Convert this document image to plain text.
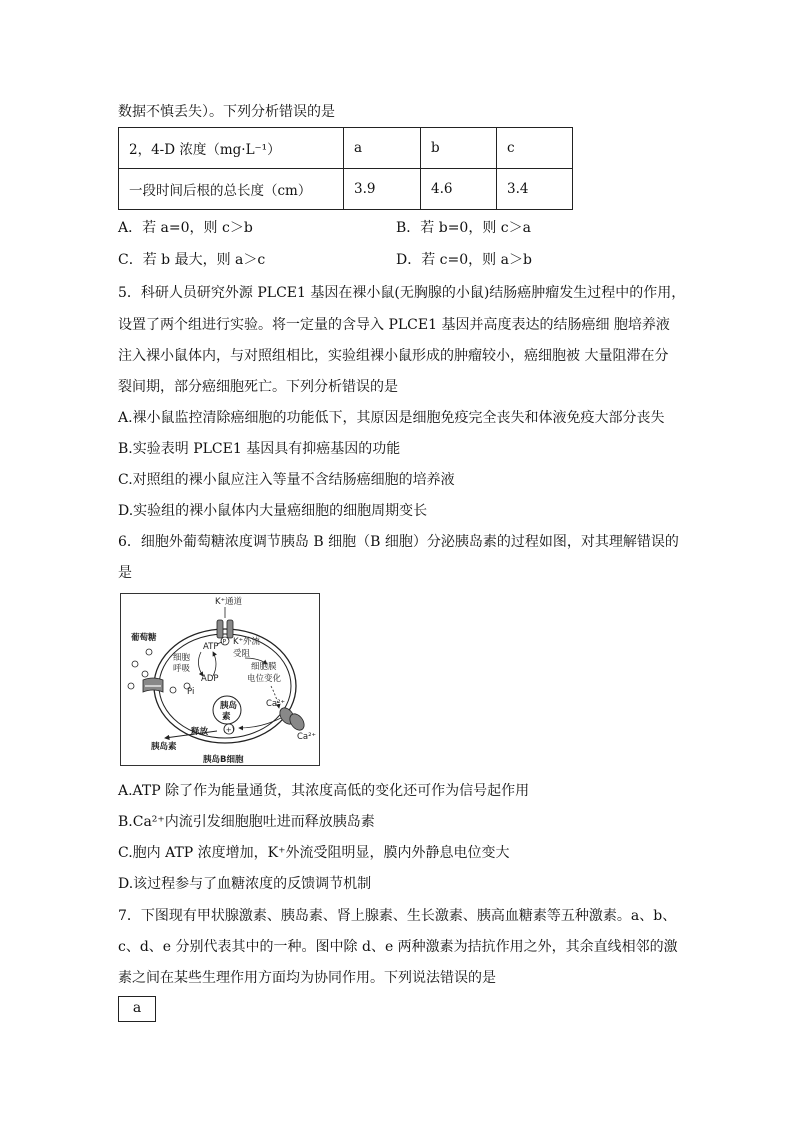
数据不慎丢失）。下列分析错误的是
2，4-D 浓度（mg·L⁻¹）	a	b	c
一段时间后根的总长度（cm）	3.9	4.6	3.4
A．若 a=0，则 c＞b	B．若 b=0，则 c＞a
C．若 b 最大，则 a＞c	D．若 c=0，则 a＞b
5．科研人员研究外源 PLCE1 基因在裸小鼠(无胸腺的小鼠)结肠癌肿瘤发生过程中的作用，
设置了两个组进行实验。将一定量的含导入 PLCE1 基因并高度表达的结肠癌细 胞培养液
注入裸小鼠体内，与对照组相比，实验组裸小鼠形成的肿瘤较小，癌细胞被 大量阻滞在分
裂间期，部分癌细胞死亡。下列分析错误的是
A.裸小鼠监控清除癌细胞的功能低下，其原因是细胞免疫完全丧失和体液免疫大部分丧失
B.实验表明 PLCE1 基因具有抑癌基因的功能
C.对照组的裸小鼠应注入等量不含结肠癌细胞的培养液
D.实验组的裸小鼠体内大量癌细胞的细胞周期变长
6．细胞外葡萄糖浓度调节胰岛 B 细胞（B 细胞）分泌胰岛素的过程如图，对其理解错误的
是
P
K⁺通道
葡萄糖
ATP K⁺外流
受阻
细胞
呼吸
ADP
Pi
细胞膜
电位变化
胰岛
素
Ca²⁺
Ca²⁺
(+)
释放
胰岛素
胰岛B细胞
A.ATP 除了作为能量通货，其浓度高低的变化还可作为信号起作用
B.Ca²⁺内流引发细胞胞吐进而释放胰岛素
C.胞内 ATP 浓度增加，K⁺外流受阻明显，膜内外静息电位变大
D.该过程参与了血糖浓度的反馈调节机制
7．下图现有甲状腺激素、胰岛素、肾上腺素、生长激素、胰高血糖素等五种激素。a、b、
c、d、e 分别代表其中的一种。图中除 d、e 两种激素为拮抗作用之外，其余直线相邻的激
素之间在某些生理作用方面均为协同作用。下列说法错误的是
a
